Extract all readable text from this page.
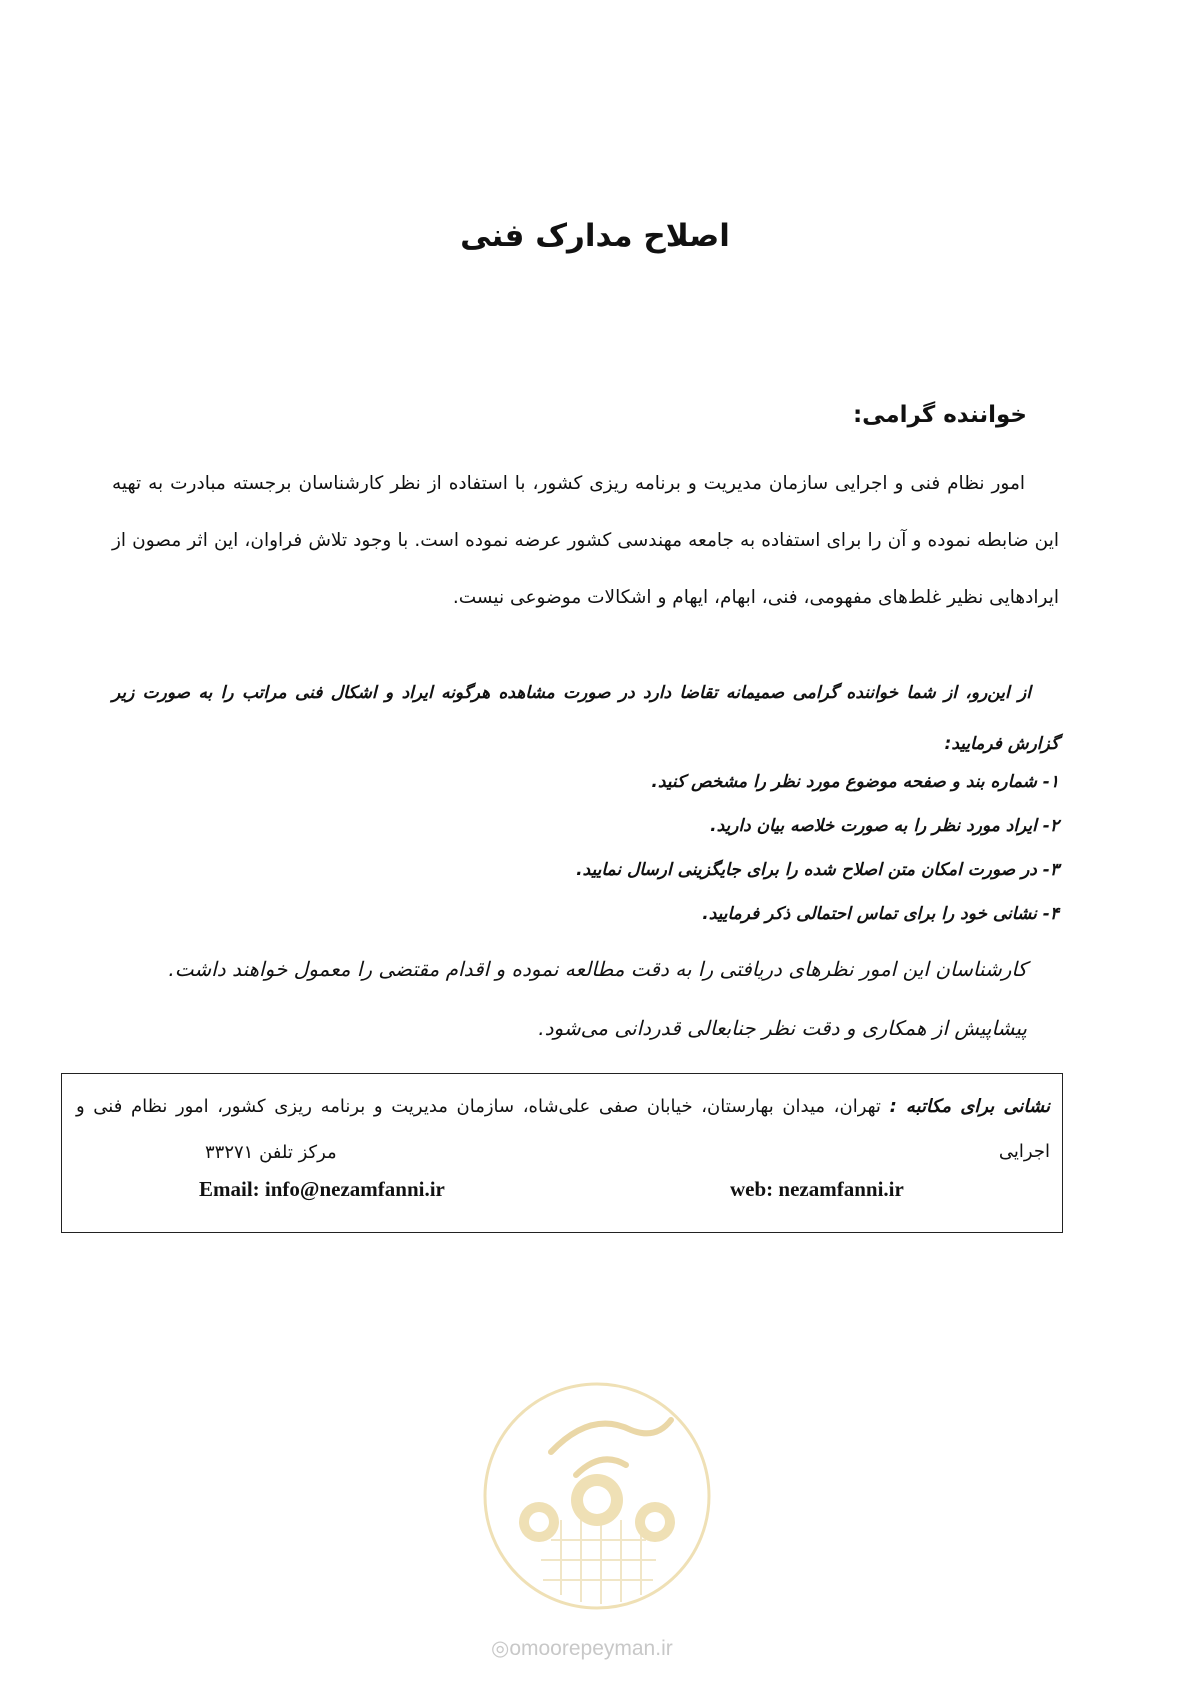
اصلاح مدارک فنی
خواننده گرامی:

امور نظام فنی و اجرایی سازمان مدیریت و برنامه ریزی کشور، با استفاده از نظر کارشناسان برجسته مبادرت به تهیه این ضابطه نموده و آن را برای استفاده به جامعه مهندسی کشور عرضه نموده است. با وجود تلاش فراوان، این اثر مصون از ایرادهایی نظیر غلط‌های مفهومی، فنی، ابهام، ایهام و اشکالات موضوعی نیست.

از این‌رو، از شما خواننده گرامی صمیمانه تقاضا دارد در صورت مشاهده هرگونه ایراد و اشکال فنی مراتب را به صورت زیر گزارش فرمایید:

۱- شماره بند و صفحه موضوع مورد نظر را مشخص کنید.
۲- ایراد مورد نظر را به صورت خلاصه بیان دارید.
۳- در صورت امکان متن اصلاح شده را برای جایگزینی ارسال نمایید.
۴- نشانی خود را برای تماس احتمالی ذکر فرمایید.
کارشناسان این امور نظرهای دریافتی را به دقت مطالعه نموده و اقدام مقتضی را معمول خواهند داشت.
پیشاپیش از همکاری و دقت نظر جنابعالی قدردانی می‌شود.
نشانی برای مکاتبه : تهران، میدان بهارستان، خیابان صفی علی‌شاه، سازمان مدیریت و برنامه ریزی کشور، امور نظام فنی و اجرایی
مرکز تلفن ۳۳۲۷۱
Email: info@nezamfanni.ir	web: nezamfanni.ir
◎omoorepeyman.ir
